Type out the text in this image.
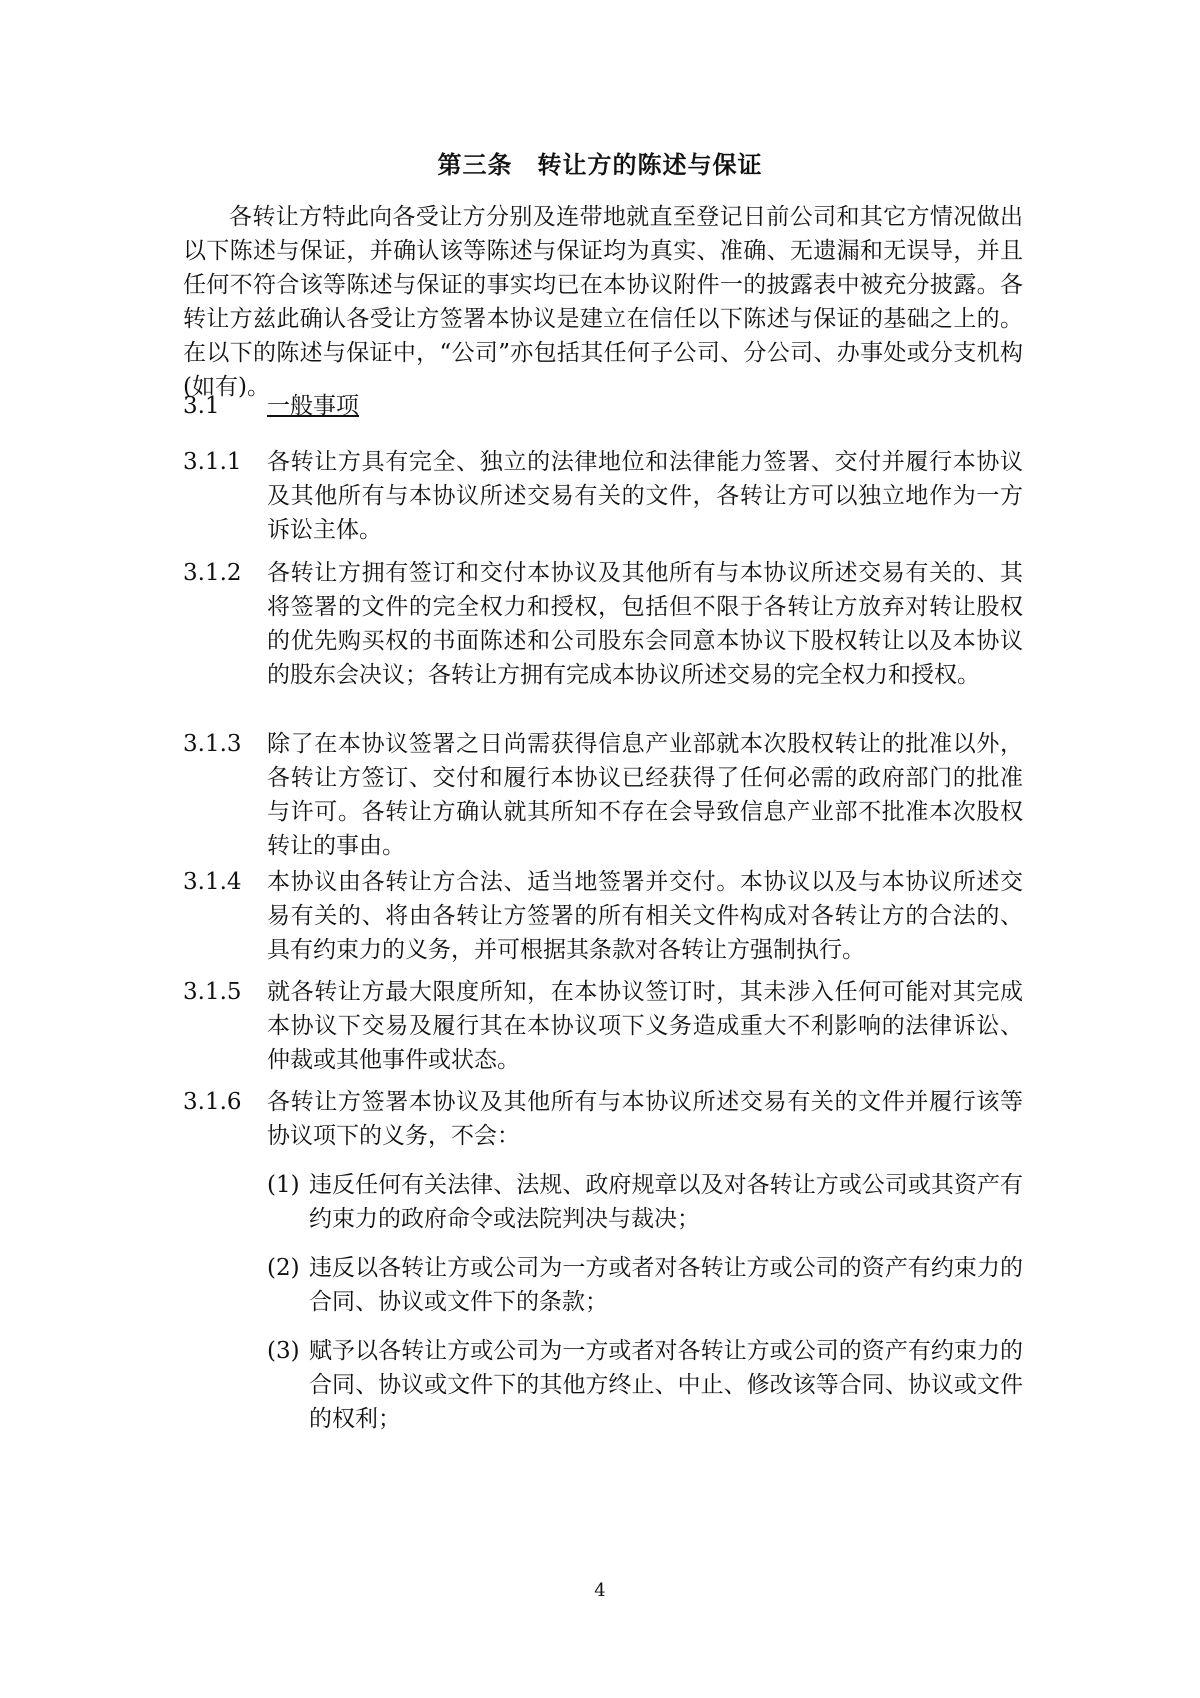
第三条　转让方的陈述与保证

各转让方特此向各受让方分别及连带地就直至登记日前公司和其它方情况做出以下陈述与保证，并确认该等陈述与保证均为真实、准确、无遗漏和无误导，并且任何不符合该等陈述与保证的事实均已在本协议附件一的披露表中被充分披露。各转让方兹此确认各受让方签署本协议是建立在信任以下陈述与保证的基础之上的。在以下的陈述与保证中，“公司”亦包括其任何子公司、分公司、办事处或分支机构(如有)。

3.1 一般事项
3.1.1 各转让方具有完全、独立的法律地位和法律能力签署、交付并履行本协议及其他所有与本协议所述交易有关的文件，各转让方可以独立地作为一方诉讼主体。

3.1.2 各转让方拥有签订和交付本协议及其他所有与本协议所述交易有关的、其将签署的文件的完全权力和授权，包括但不限于各转让方放弃对转让股权的优先购买权的书面陈述和公司股东会同意本协议下股权转让以及本协议的股东会决议；各转让方拥有完成本协议所述交易的完全权力和授权。

3.1.3 除了在本协议签署之日尚需获得信息产业部就本次股权转让的批准以外，各转让方签订、交付和履行本协议已经获得了任何必需的政府部门的批准与许可。各转让方确认就其所知不存在会导致信息产业部不批准本次股权转让的事由。

3.1.4 本协议由各转让方合法、适当地签署并交付。本协议以及与本协议所述交易有关的、将由各转让方签署的所有相关文件构成对各转让方的合法的、具有约束力的义务，并可根据其条款对各转让方强制执行。

3.1.5 就各转让方最大限度所知，在本协议签订时，其未涉入任何可能对其完成本协议下交易及履行其在本协议项下义务造成重大不利影响的法律诉讼、仲裁或其他事件或状态。

3.1.6 各转让方签署本协议及其他所有与本协议所述交易有关的文件并履行该等协议项下的义务，不会：

(1) 违反任何有关法律、法规、政府规章以及对各转让方或公司或其资产有约束力的政府命令或法院判决与裁决；

(2) 违反以各转让方或公司为一方或者对各转让方或公司的资产有约束力的合同、协议或文件下的条款；

(3) 赋予以各转让方或公司为一方或者对各转让方或公司的资产有约束力的合同、协议或文件下的其他方终止、中止、修改该等合同、协议或文件的权利；

4
